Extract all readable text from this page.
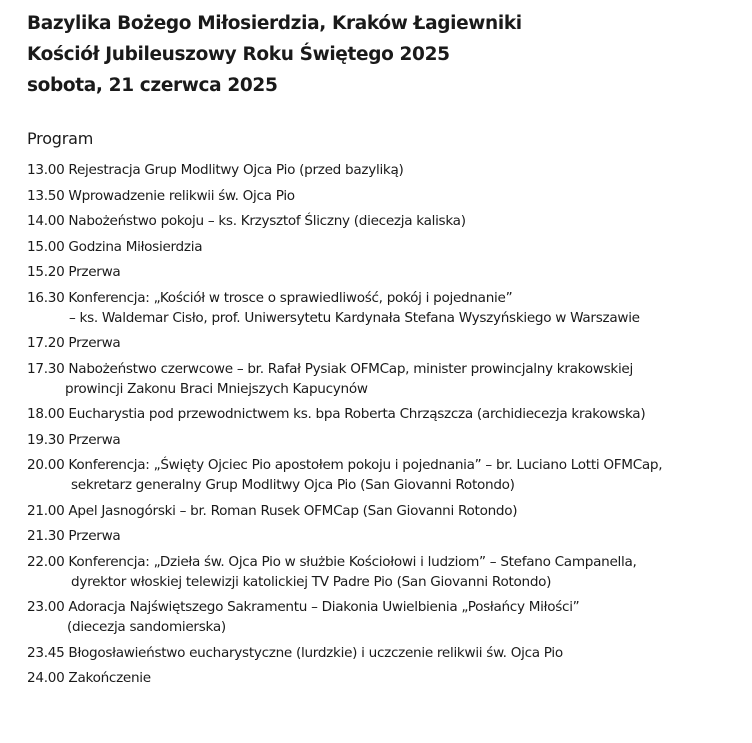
Bazylika Bożego Miłosierdzia, Kraków Łagiewniki
Kościół Jubileuszowy Roku Świętego 2025
sobota, 21 czerwca 2025
Program
13.00 Rejestracja Grup Modlitwy Ojca Pio (przed bazyliką)
13.50 Wprowadzenie relikwii św. Ojca Pio
14.00 Nabożeństwo pokoju – ks. Krzysztof Śliczny (diecezja kaliska)
15.00 Godzina Miłosierdzia
15.20 Przerwa
16.30 Konferencja: „Kościół w trosce o sprawiedliwość, pokój i pojednanie”
– ks. Waldemar Cisło, prof. Uniwersytetu Kardynała Stefana Wyszyńskiego w Warszawie
17.20 Przerwa
17.30 Nabożeństwo czerwcowe – br. Rafał Pysiak OFMCap, minister prowincjalny krakowskiej
prowincji Zakonu Braci Mniejszych Kapucynów
18.00 Eucharystia pod przewodnictwem ks. bpa Roberta Chrząszcza (archidiecezja krakowska)
19.30 Przerwa
20.00 Konferencja: „Święty Ojciec Pio apostołem pokoju i pojednania” – br. Luciano Lotti OFMCap,
sekretarz generalny Grup Modlitwy Ojca Pio (San Giovanni Rotondo)
21.00 Apel Jasnogórski – br. Roman Rusek OFMCap (San Giovanni Rotondo)
21.30 Przerwa
22.00 Konferencja: „Dzieła św. Ojca Pio w służbie Kościołowi i ludziom” – Stefano Campanella,
dyrektor włoskiej telewizji katolickiej TV Padre Pio (San Giovanni Rotondo)
23.00 Adoracja Najświętszego Sakramentu – Diakonia Uwielbienia „Posłańcy Miłości”
(diecezja sandomierska)
23.45 Błogosławieństwo eucharystyczne (lurdzkie) i uczczenie relikwii św. Ojca Pio
24.00 Zakończenie
